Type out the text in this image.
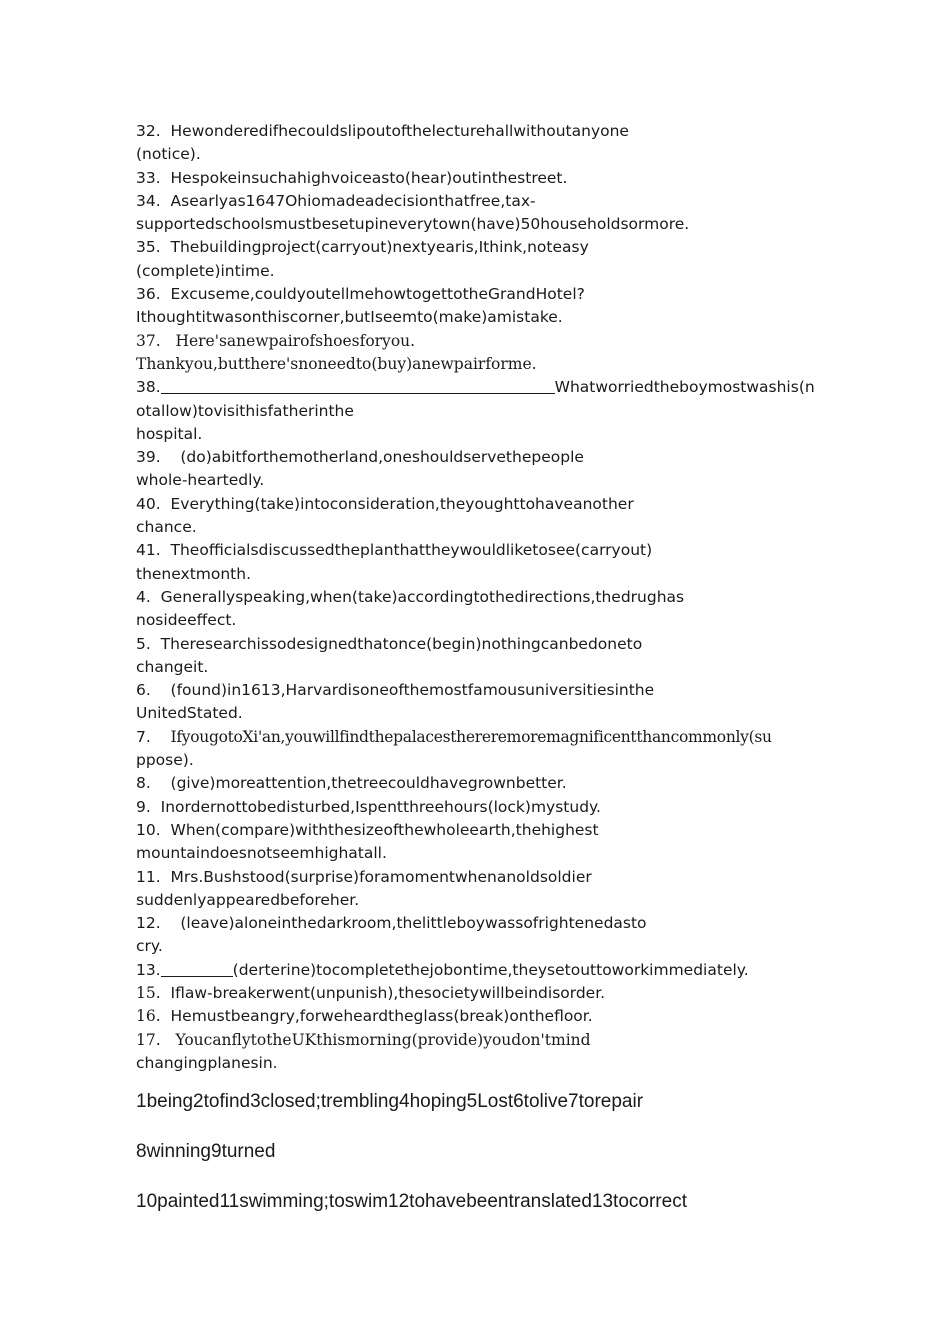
32. Hewonderedifhecouldslipoutofthelecturehallwithoutanyone
(notice).
33. Hespokeinsuchahighvoiceasto(hear)outinthestreet.
34. Asearlyas1647Ohiomadeadecisionthatfree,tax-
supportedschoolsmustbesetupineverytown(have)50householdsormore.
35. Thebuildingproject(carryout)nextyearis,Ithink,noteasy
(complete)intime.
36. Excuseme,couldyoutellmehowtogettotheGrandHotel?
Ithoughtitwasonthiscorner,butIseemto(make)amistake.
37. Here'sanewpairofshoesforyou.
Thankyou,butthere'snoneedto(buy)anewpairforme.
38.	Whatworriedtheboymostwashis(n
otallow)tovisithisfatherinthe
hospital.
39. (do)abitforthemotherland,oneshouldservethepeople
whole-heartedly.
40. Everything(take)intoconsideration,theyoughttohaveanother
chance.
41. Theofficialsdiscussedtheplanthattheywouldliketosee(carryout)
thenextmonth.
4. Generallyspeaking,when(take)accordingtothedirections,thedrughas
nosideeffect.
5. Theresearchissodesignedthatonce(begin)nothingcanbedoneto
changeit.
6. (found)in1613,Harvardisoneofthemostfamousuniversitiesinthe
UnitedStated.
7. IfyougotoXi'an,youwillfindthepalacesthereremoremagnificentthancommonly(su
ppose).
8. (give)moreattention,thetreecouldhavegrownbetter.
9. Inordernottobedisturbed,Ispentthreehours(lock)mystudy.
10. When(compare)withthesizeofthewholeearth,thehighest
mountaindoesnotseemhighatall.
11. Mrs.Bushstood(surprise)foramomentwhenanoldsoldier
suddenlyappearedbeforeher.
12. (leave)aloneinthedarkroom,thelittleboywassofrightenedasto
cry.
13.	(derterine)tocompletethejobontime,theysetouttoworkimmediately.
15. Iflaw-breakerwent(unpunish),thesocietywillbeindisorder.
16. Hemustbeangry,forweheardtheglass(break)onthefloor.
17. YoucanflytotheUKthismorning(provide)youdon'tmind
changingplanesin.
1being2tofind3closed;trembling4hoping5Lost6tolive7torepair
8winning9turned
10painted11swimming;toswim12tohavebeentranslated13tocorrect
